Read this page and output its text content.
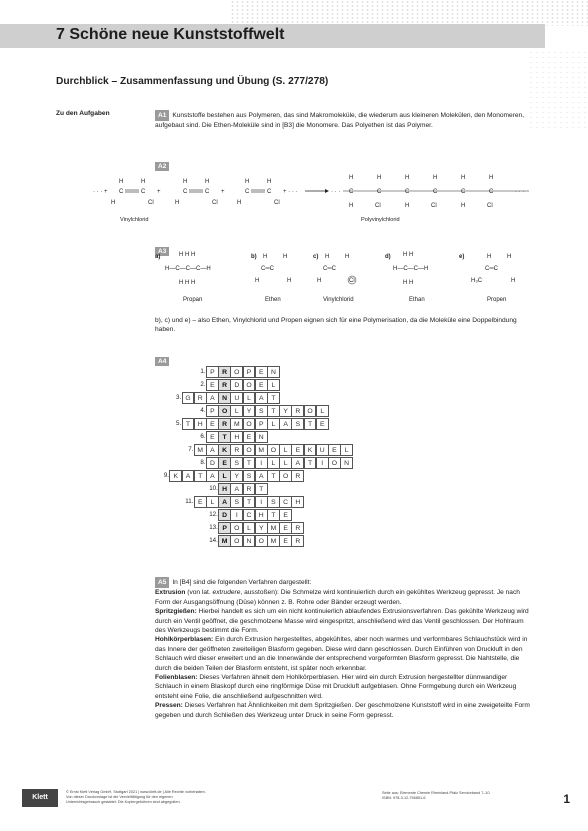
7 Schöne neue Kunststoffwelt
Durchblick – Zusammenfassung und Übung (S. 277/278)
Zu den Aufgaben	A1 Kunststoffe bestehen aus Polymeren, das sind Makromoleküle, die wiederum aus kleineren Molekülen, den Monomeren, aufgebaut sind. Die Ethen-Moleküle sind in [B3] die Monomere. Das Polyethen ist das Polymer.
A2
· · · +
H	H
C	C
H	Cl
+
H	H
C	C
H	Cl
+
H	H
C	C
H	Cl
+ · · ·	· · ·
H
C
H
H
C
Cl
H
C
H
H
C
Cl
H
C
H
H
C
Cl
· · ·
Vinylchlorid	Polyvinylchlorid
A3
a)	H H H
H—C—C—C—H
H H H
Propan
b) H	H
C═C
H	H
Ethen
c) H	H
C═C
H	Cl
Vinylchlorid
d) H H
H—C—C—H
H H
Ethan
e)	H	H
C═C
H₃C	H
Propen
b), c) und e) – also Ethen, Vinylchlorid und Propen eignen sich für eine Polymerisation, da die Moleküle eine Doppelbindung haben.
A4
1. P	R	O	P	E	N
2. E	R	D	O	E	L
3. G	R	A	N	U	L	A	T
4. P	O	L	Y	S	T	Y	R	O	L
5. T	H	E	R	M O	P	L	A	S	T	E
6. E	T	H	E	N
7. M	A	K	R	O M O	L	E	K	U	E	L
8. D	E	S	T	I	L	L	A	T	I	O	N
9. K	A	T	A	L	Y	S	A	T	O	R
10. H	A	R	T
11. E	L	A	S	T	I	S	C	H
12. D	I	C	H	T	E
13. P	O	L	Y	M	E	R
14. M O	N	O M	E	R
A5 In [B4] sind die folgenden Verfahren dargestellt:
Extrusion (von lat. extrudere, ausstoßen): Die Schmelze wird kontinuierlich durch ein gekühltes Werkzeug gepresst. Je nach Form der Ausgangsöffnung (Düse) können z. B. Rohre oder Bänder erzeugt werden.
Spritzgießen: Hierbei handelt es sich um ein nicht kontinuierlich ablaufendes Extrusionsverfahren. Das gekühlte Werkzeug wird durch ein Ventil geöffnet, die geschmolzene Masse wird eingespritzt, anschließend wird das Ventil geschlossen. Der Hohlraum des Werkzeugs bestimmt die Form.
Hohlkörperblasen: Ein durch Extrusion hergestelltes, abgekühltes, aber noch warmes und verformbares Schlauchstück wird in das Innere der geöffneten zweiteiligen Blasform gegeben. Diese wird dann geschlossen. Durch Einführen von Druckluft in den Schlauch wird dieser erweitert und an die Innenwände der entsprechend vorgeformten Blasform gepresst. Die Nahtstelle, die durch die beiden Teilen der Blasform entsteht, ist später noch erkennbar.
Folienblasen: Dieses Verfahren ähnelt dem Hohlkörperblasen. Hier wird ein durch Extrusion hergestellter dünnwandiger Schlauch in einem Blaskopf durch eine ringförmige Düse mit Druckluft aufgeblasen. Ohne Formgebung durch ein Werkzeug entsteht eine Folie, die anschließend aufgeschnitten wird.
Pressen: Dieses Verfahren hat Ähnlichkeiten mit dem Spritzgießen. Der geschmolzene Kunststoff wird in eine zweigeteilte Form gegeben und durch Schließen des Werkzeug unter Druck in seine Form gepresst.
Klett
© Ernst Klett Verlag GmbH, Stuttgart 2021 | www.klett.de | Alle Rechte vorbehalten.
Von dieser Druckvorlage ist die Vervielfältigung für den eigenen
Unterrichtsgebrauch gestattet. Die Kopiergebühren sind abgegolten.
Seite aus: Elemente Chemie Rheinland-Pfalz Serviceband 7–10
ISBN: 978-3-12-756851-6	1
